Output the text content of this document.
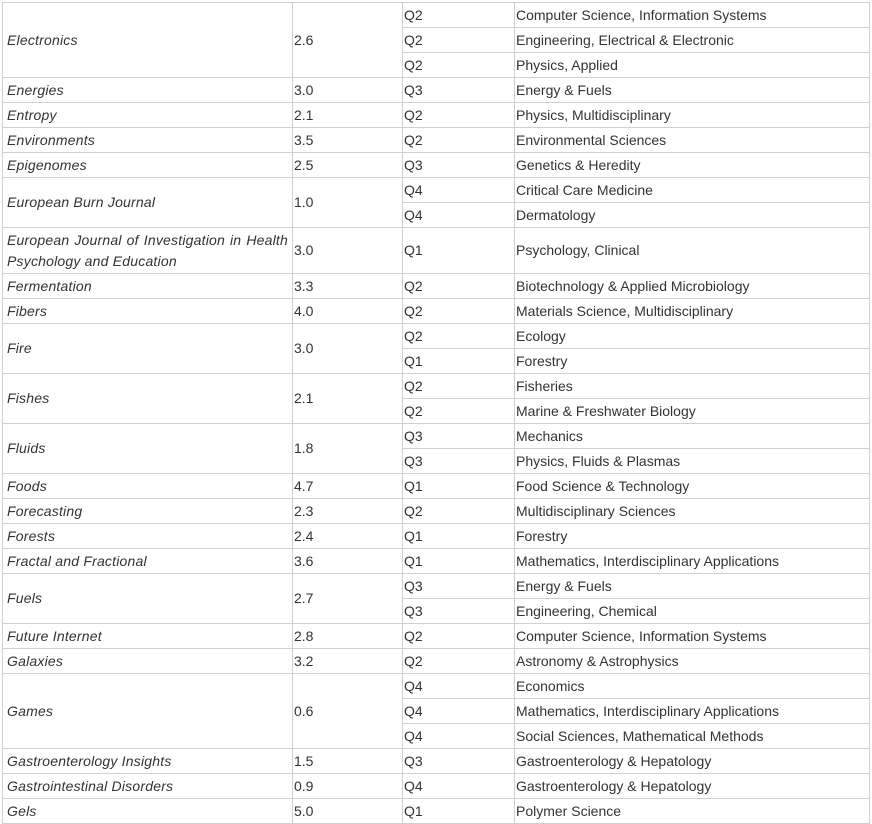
Electronics	2.6	Q2	Computer Science, Information Systems
		Q2	Engineering, Electrical & Electronic
		Q2	Physics, Applied
Energies	3.0	Q3	Energy & Fuels
Entropy	2.1	Q2	Physics, Multidisciplinary
Environments	3.5	Q2	Environmental Sciences
Epigenomes	2.5	Q3	Genetics & Heredity
European Burn Journal	1.0	Q4	Critical Care Medicine
		Q4	Dermatology
European Journal of Investigation in Health Psychology and Education	3.0	Q1	Psychology, Clinical
Fermentation	3.3	Q2	Biotechnology & Applied Microbiology
Fibers	4.0	Q2	Materials Science, Multidisciplinary
Fire	3.0	Q2	Ecology
		Q1	Forestry
Fishes	2.1	Q2	Fisheries
		Q2	Marine & Freshwater Biology
Fluids	1.8	Q3	Mechanics
		Q3	Physics, Fluids & Plasmas
Foods	4.7	Q1	Food Science & Technology
Forecasting	2.3	Q2	Multidisciplinary Sciences
Forests	2.4	Q1	Forestry
Fractal and Fractional	3.6	Q1	Mathematics, Interdisciplinary Applications
Fuels	2.7	Q3	Energy & Fuels
		Q3	Engineering, Chemical
Future Internet	2.8	Q2	Computer Science, Information Systems
Galaxies	3.2	Q2	Astronomy & Astrophysics
Games	0.6	Q4	Economics
		Q4	Mathematics, Interdisciplinary Applications
		Q4	Social Sciences, Mathematical Methods
Gastroenterology Insights	1.5	Q3	Gastroenterology & Hepatology
Gastrointestinal Disorders	0.9	Q4	Gastroenterology & Hepatology
Gels	5.0	Q1	Polymer Science
